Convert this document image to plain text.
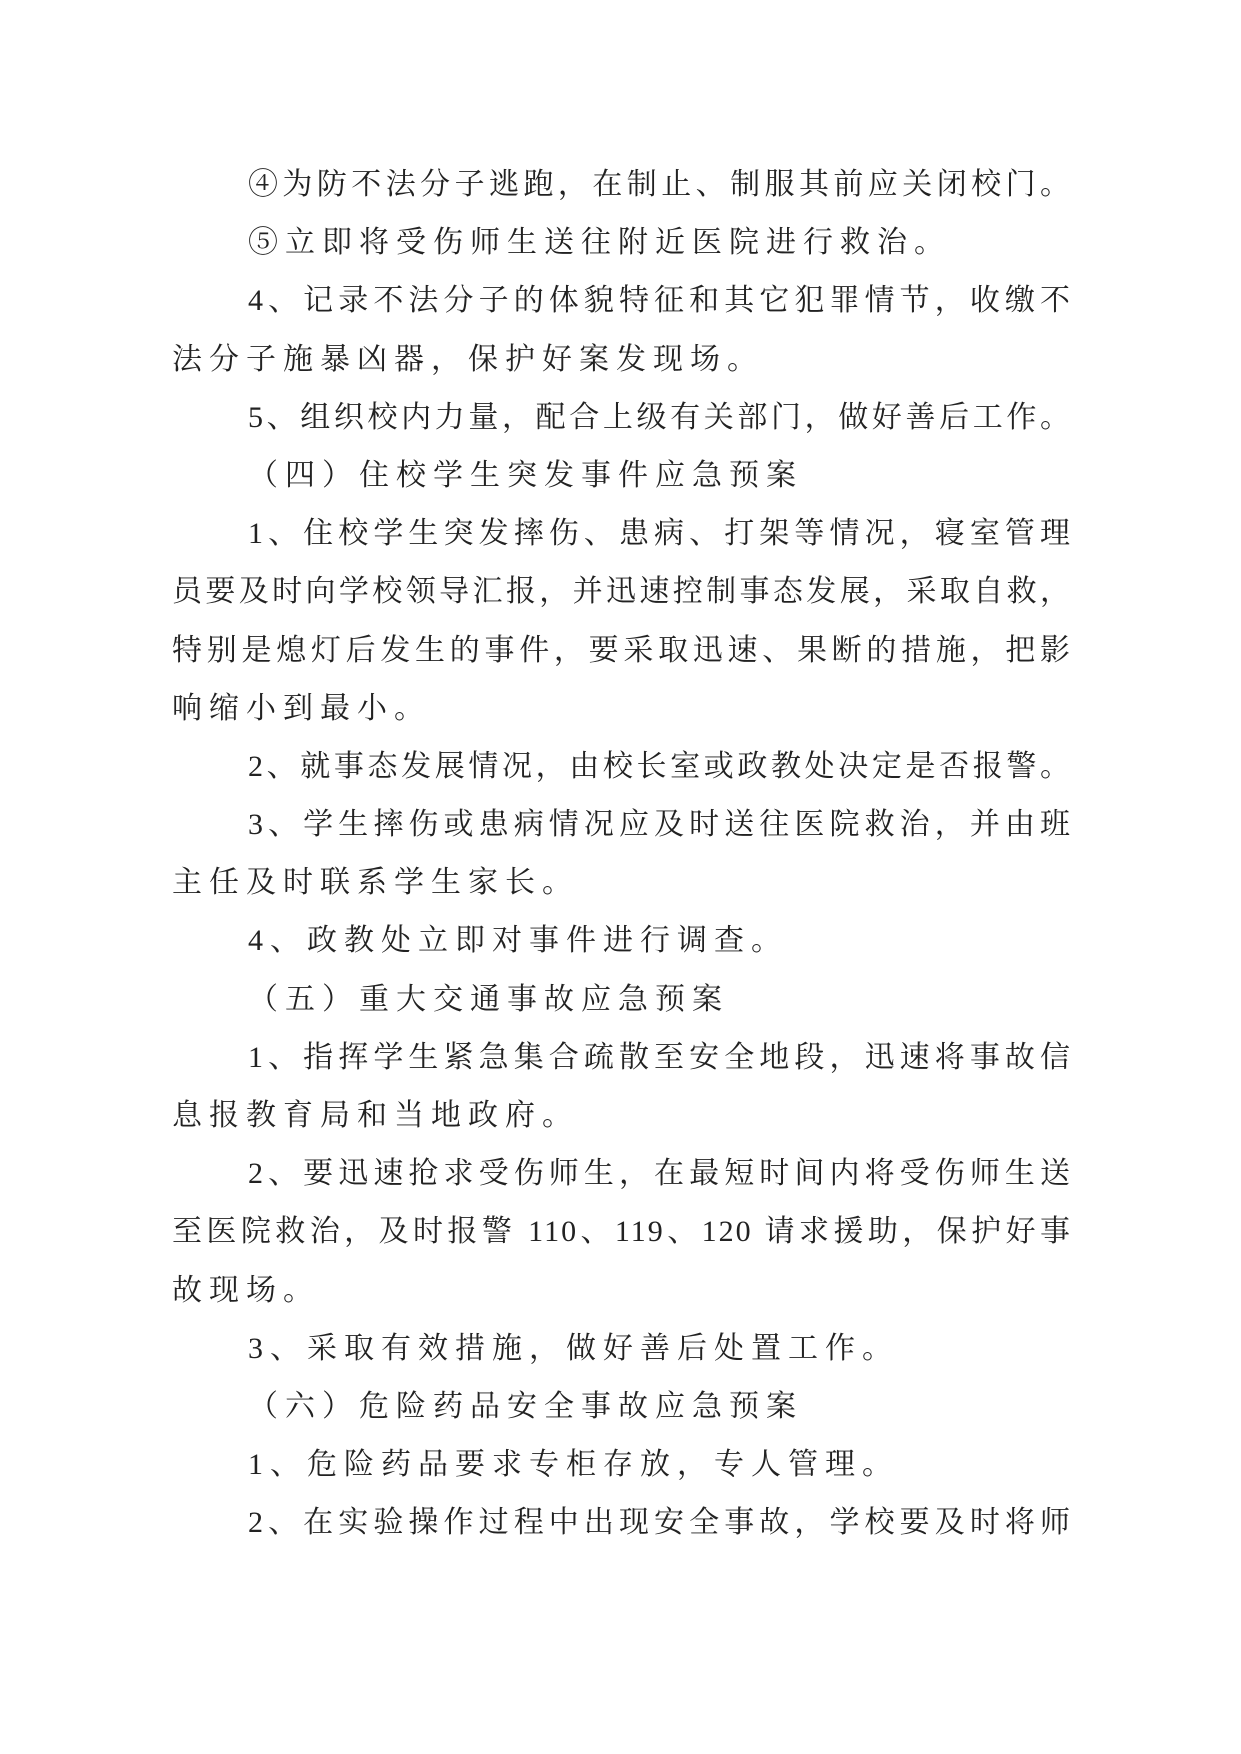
④为防不法分子逃跑，在制止、制服其前应关闭校门。
⑤立即将受伤师生送往附近医院进行救治。
4、记录不法分子的体貌特征和其它犯罪情节，收缴不
法分子施暴凶器，保护好案发现场。
5、组织校内力量，配合上级有关部门，做好善后工作。
（四）住校学生突发事件应急预案
1、住校学生突发摔伤、患病、打架等情况，寝室管理
员要及时向学校领导汇报，并迅速控制事态发展，采取自救，
特别是熄灯后发生的事件，要采取迅速、果断的措施，把影
响缩小到最小。
2、就事态发展情况，由校长室或政教处决定是否报警。
3、学生摔伤或患病情况应及时送往医院救治，并由班
主任及时联系学生家长。
4、政教处立即对事件进行调查。
（五）重大交通事故应急预案
1、指挥学生紧急集合疏散至安全地段，迅速将事故信
息报教育局和当地政府。
2、要迅速抢求受伤师生，在最短时间内将受伤师生送
至医院救治，及时报警 110、119、120 请求援助，保护好事
故现场。
3、采取有效措施，做好善后处置工作。
（六）危险药品安全事故应急预案
1、危险药品要求专柜存放，专人管理。
2、在实验操作过程中出现安全事故，学校要及时将师
